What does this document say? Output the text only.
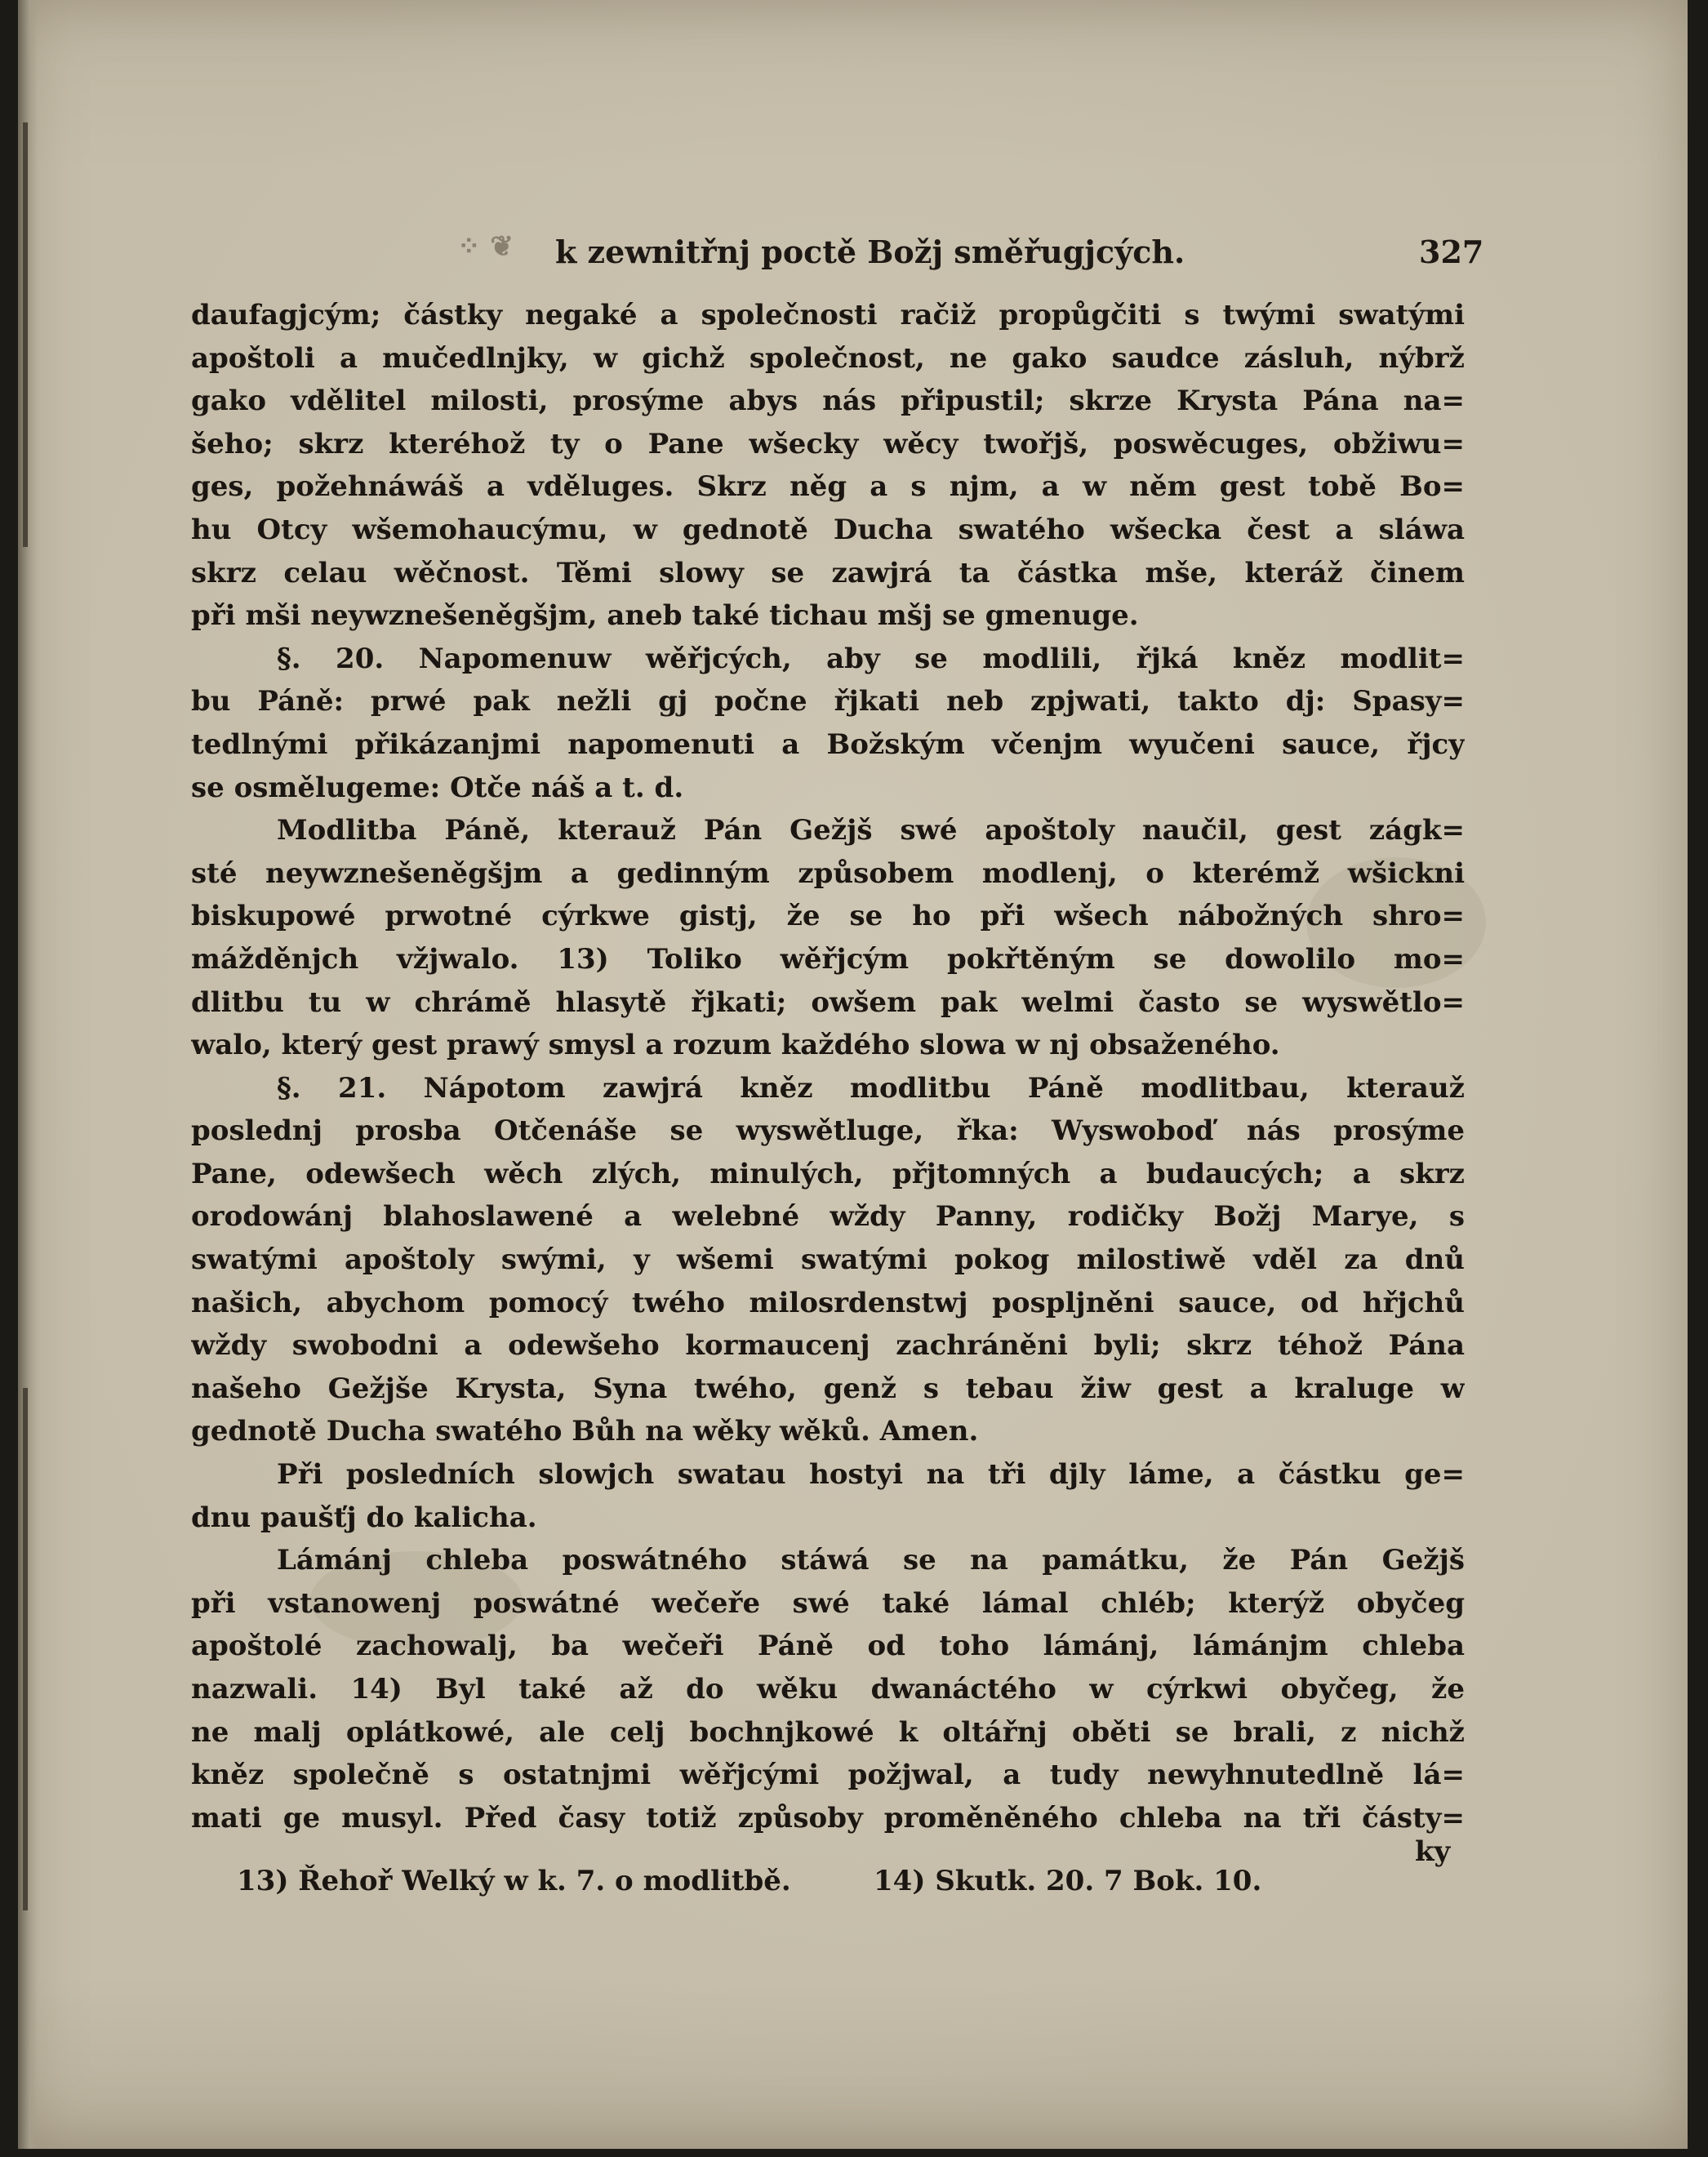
⁘ ❦ k zewnitřnj poctě Božj směřugjcých.	327
daufagjcým; částky negaké a společnosti račiž propůgčiti s twými swatými
apoštoli a mučedlnjky, w gichž společnost, ne gako saudce zásluh, nýbrž
gako vdělitel milosti, prosýme abys nás připustil; skrze Krysta Pána na=
šeho; skrz kteréhož ty o Pane wšecky wěcy twořjš, poswěcuges, obžiwu=
ges, požehnáwáš a vděluges. Skrz něg a s njm, a w něm gest tobě Bo=
hu Otcy wšemohaucýmu, w gednotě Ducha swatého wšecka čest a sláwa
skrz celau wěčnost. Těmi slowy se zawjrá ta částka mše, kteráž činem
při mši neywznešeněgšjm, aneb také tichau mšj se gmenuge.
§. 20. Napomenuw wěřjcých, aby se modlili, řjká kněz modlit=
bu Páně: prwé pak nežli gj počne řjkati neb zpjwati, takto dj: Spasy=
tedlnými přikázanjmi napomenuti a Božským včenjm wyučeni sauce, řjcy
se osmělugeme: Otče náš a t. d.
Modlitba Páně, kterauž Pán Gežjš swé apoštoly naučil, gest zágk=
sté neywznešeněgšjm a gedinným způsobem modlenj, o kterémž wšickni
biskupowé prwotné cýrkwe gistj, že se ho při wšech nábožných shro=
mážděnjch vžjwalo. 13) Toliko wěřjcým pokřtěným se dowolilo mo=
dlitbu tu w chrámě hlasytě řjkati; owšem pak welmi často se wyswětlo=
walo, který gest prawý smysl a rozum každého slowa w nj obsaženého.
§. 21. Nápotom zawjrá kněz modlitbu Páně modlitbau, kterauž
poslednj prosba Otčenáše se wyswětluge, řka: Wyswoboď nás prosýme
Pane, odewšech wěch zlých, minulých, přjtomných a budaucých; a skrz
orodowánj blahoslawené a welebné wždy Panny, rodičky Božj Marye, s
swatými apoštoly swými, y wšemi swatými pokog milostiwě vděl za dnů
našich, abychom pomocý twého milosrdenstwj pospljněni sauce, od hřjchů
wždy swobodni a odewšeho kormaucenj zachráněni byli; skrz téhož Pána
našeho Gežjše Krysta, Syna twého, genž s tebau žiw gest a kraluge w
gednotě Ducha swatého Bůh na wěky wěků. Amen.
Při posledních slowjch swatau hostyi na tři djly láme, a částku ge=
dnu paušťj do kalicha.
Lámánj chleba poswátného stáwá se na památku, že Pán Gežjš
při vstanowenj poswátné wečeře swé také lámal chléb; kterýž obyčeg
apoštolé zachowalj, ba wečeři Páně od toho lámánj, lámánjm chleba
nazwali. 14) Byl také až do wěku dwanáctého w cýrkwi obyčeg, že
ne malj oplátkowé, ale celj bochnjkowé k oltářnj oběti se brali, z nichž
kněz společně s ostatnjmi wěřjcými požjwal, a tudy newyhnutedlně lá=
mati ge musyl. Před časy totiž způsoby proměněného chleba na tři částy=
ky
13) Řehoř Welký w k. 7. o modlitbě.	14) Skutk. 20. 7 Bok. 10.
